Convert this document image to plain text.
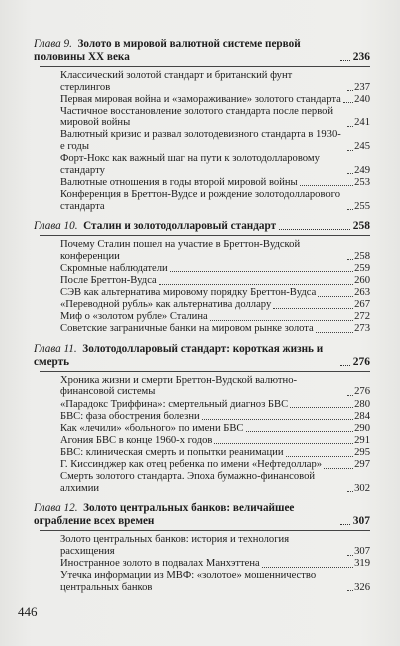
Глава 9. Золото в мировой валютной системе первой половины XX века	236
Классический золотой стандарт и британский фунт стерлингов	237
Первая мировая война и «замораживание» золотого стандарта 240
Частичное восстановление золотого стандарта после первой мировой войны	241
Валютный кризис и развал золотодевизного стандарта в 1930-е годы	245
Форт-Нокс как важный шаг на пути к золотодолларовому стандарту	249
Валютные отношения в годы второй мировой войны	253
Конференция в Бреттон-Вудсе и рождение золотодолларового стандарта	255
Глава 10. Сталин и золотодолларовый стандарт	258
Почему Сталин пошел на участие в Бреттон-Вудской конференции	258
Скромные наблюдатели	259
После Бреттон-Вудса	260
СЭВ как альтернатива мировому порядку Бреттон-Вудса	263
«Переводной рубль» как альтернатива доллару	267
Миф о «золотом рубле» Сталина	272
Советские заграничные банки на мировом рынке золота	273
Глава 11. Золотодолларовый стандарт: короткая жизнь и смерть	276
Хроника жизни и смерти Бреттон-Вудской валютно-финансовой системы	276
«Парадокс Триффина»: смертельный диагноз БВС	280
БВС: фаза обострения болезни	284
Как «лечили» «больного» по имени БВС	290
Агония БВС в конце 1960-х годов	291
БВС: клиническая смерть и попытки реанимации	295
Г. Киссинджер как отец ребенка по имени «Нефтедоллар»	297
Смерть золотого стандарта. Эпоха бумажно-финансовой алхимии	302
Глава 12. Золото центральных банков: величайшее ограбление всех времен	307
Золото центральных банков: история и технология расхищения	307
Иностранное золото в подвалах Манхэттена	319
Утечка информации из МВФ: «золотое» мошенничество центральных банков	326
446
